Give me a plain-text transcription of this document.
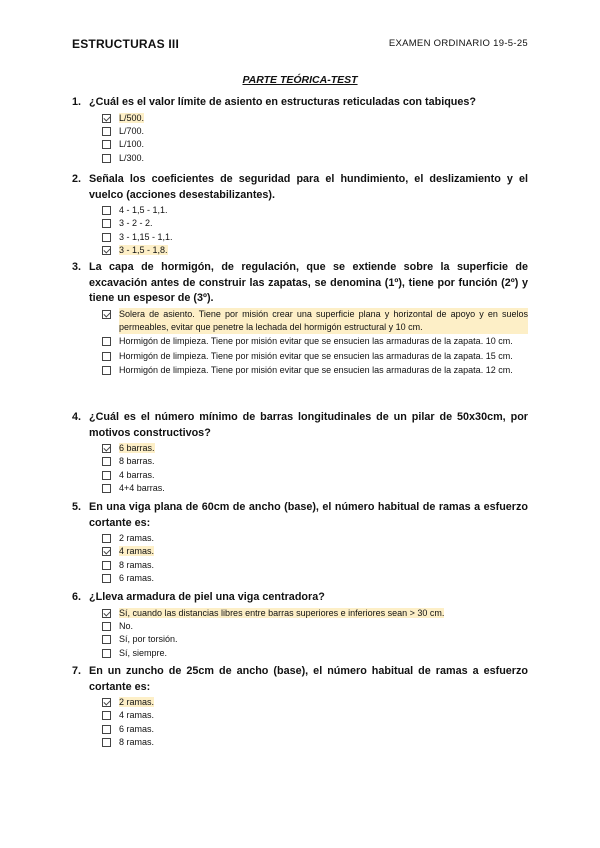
ESTRUCTURAS III	EXAMEN ORDINARIO 19-5-25
PARTE TEÓRICA-TEST
1. ¿Cuál es el valor límite de asiento en estructuras reticuladas con tabiques?
L/500.
L/700.
L/100.
L/300.
2. Señala los coeficientes de seguridad para el hundimiento, el deslizamiento y el vuelco (acciones desestabilizantes).
4 - 1,5 - 1,1.
3 - 2 - 2.
3 - 1,15 - 1,1.
3 - 1,5 - 1,8.
3. La capa de hormigón, de regulación, que se extiende sobre la superficie de excavación antes de construir las zapatas, se denomina (1º), tiene por función (2º) y tiene un espesor de (3º).
Solera de asiento. Tiene por misión crear una superficie plana y horizontal de apoyo y en suelos permeables, evitar que penetre la lechada del hormigón estructural y 10 cm.
Hormigón de limpieza. Tiene por misión evitar que se ensucien las armaduras de la zapata. 10 cm.
Hormigón de limpieza. Tiene por misión evitar que se ensucien las armaduras de la zapata. 15 cm.
Hormigón de limpieza. Tiene por misión evitar que se ensucien las armaduras de la zapata. 12 cm.
4. ¿Cuál es el número mínimo de barras longitudinales de un pilar de 50x30cm, por motivos constructivos?
6 barras.
8 barras.
4 barras.
4+4 barras.
5. En una viga plana de 60cm de ancho (base), el número habitual de ramas a esfuerzo cortante es:
2 ramas.
4 ramas.
8 ramas.
6 ramas.
6. ¿Lleva armadura de piel una viga centradora?
Sí, cuando las distancias libres entre barras superiores e inferiores sean > 30 cm.
No.
Sí, por torsión.
Sí, siempre.
7. En un zuncho de 25cm de ancho (base), el número habitual de ramas a esfuerzo cortante es:
2 ramas.
4 ramas.
6 ramas.
8 ramas.
